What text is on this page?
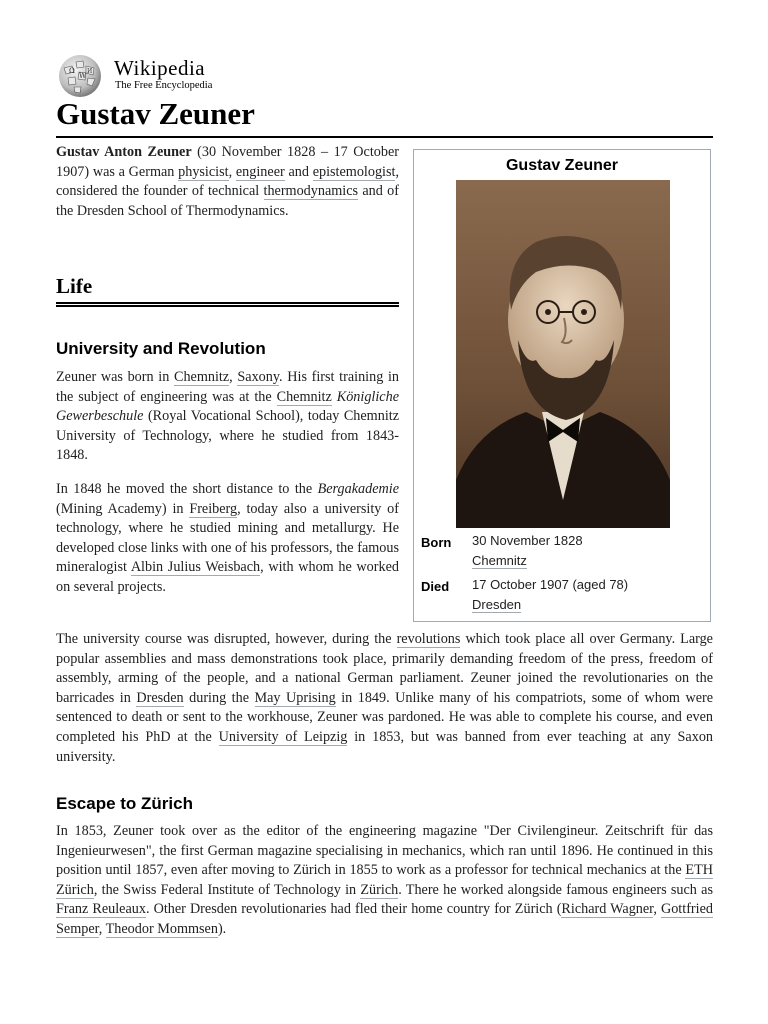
Ω
W
И Wikipedia
The Free Encyclopedia
Gustav Zeuner

Gustav Anton Zeuner (30 November 1828 – 17 October 1907) was a German physicist, engineer and epistemologist, considered the founder of technical thermodynamics and of the Dresden School of Thermodynamics.

Life
University and Revolution

Zeuner was born in Chemnitz, Saxony. His first training in the subject of engineering was at the Chemnitz Königliche Gewerbeschule (Royal Vocational School), today Chemnitz University of Technology, where he studied from 1843-1848.

In 1848 he moved the short distance to the Bergakademie (Mining Academy) in Freiberg, today also a university of technology, where he studied mining and metallurgy. He developed close links with one of his professors, the famous mineralogist Albin Julius Weisbach, with whom he worked on several projects.

The university course was disrupted, however, during the revolutions which took place all over Germany. Large popular assemblies and mass demonstrations took place, primarily demanding freedom of the press, freedom of assembly, arming of the people, and a national German parliament. Zeuner joined the revolutionaries on the barricades in Dresden during the May Uprising in 1849. Unlike many of his compatriots, some of whom were sentenced to death or sent to the workhouse, Zeuner was pardoned. He was able to complete his course, and even completed his PhD at the University of Leipzig in 1853, but was banned from ever teaching at any Saxon university.

Escape to Zürich

In 1853, Zeuner took over as the editor of the engineering magazine "Der Civilengineur. Zeitschrift für das Ingenieurwesen", the first German magazine specialising in mechanics, which ran until 1896. He continued in this position until 1857, even after moving to Zürich in 1855 to work as a professor for technical mechanics at the ETH Zürich, the Swiss Federal Institute of Technology in Zürich. There he worked alongside famous engineers such as Franz Reuleaux. Other Dresden revolutionaries had fled their home country for Zürich (Richard Wagner, Gottfried Semper, Theodor Mommsen).

Gustav Zeuner
Born 30 November 1828
Chemnitz
Died 17 October 1907 (aged 78)
Dresden
